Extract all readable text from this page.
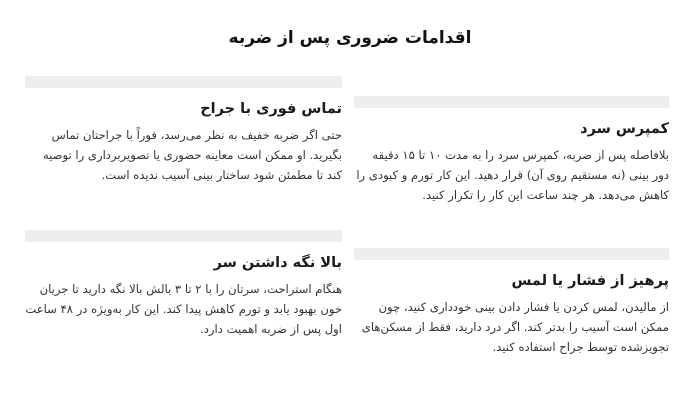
اقدامات ضروری پس از ضربه
تماس فوری با جراح
حتی اگر ضربه خفیف به نظر می‌رسد، فوراً با جراحتان تماس بگیرید. او ممکن است معاینه حضوری یا تصویربرداری را توصیه کند تا مطمئن شود ساختار بینی آسیب ندیده است.
کمپرس سرد
بلافاصله پس از ضربه، کمپرس سرد را به مدت ۱۰ تا ۱۵ دقیقه دور بینی (نه مستقیم روی آن) قرار دهید. این کار تورم و کبودی را کاهش می‌دهد. هر چند ساعت این کار را تکرار کنید.
بالا نگه داشتن سر
هنگام استراحت، سرتان را با ۲ تا ۳ بالش بالا نگه دارید تا جریان خون بهبود یابد و تورم کاهش پیدا کند. این کار به‌ویژه در ۴۸ ساعت اول پس از ضربه اهمیت دارد.
پرهیز از فشار یا لمس
از مالیدن، لمس کردن یا فشار دادن بینی خودداری کنید، چون ممکن است آسیب را بدتر کند. اگر درد دارید، فقط از مسکن‌های تجویزشده توسط جراح استفاده کنید.
